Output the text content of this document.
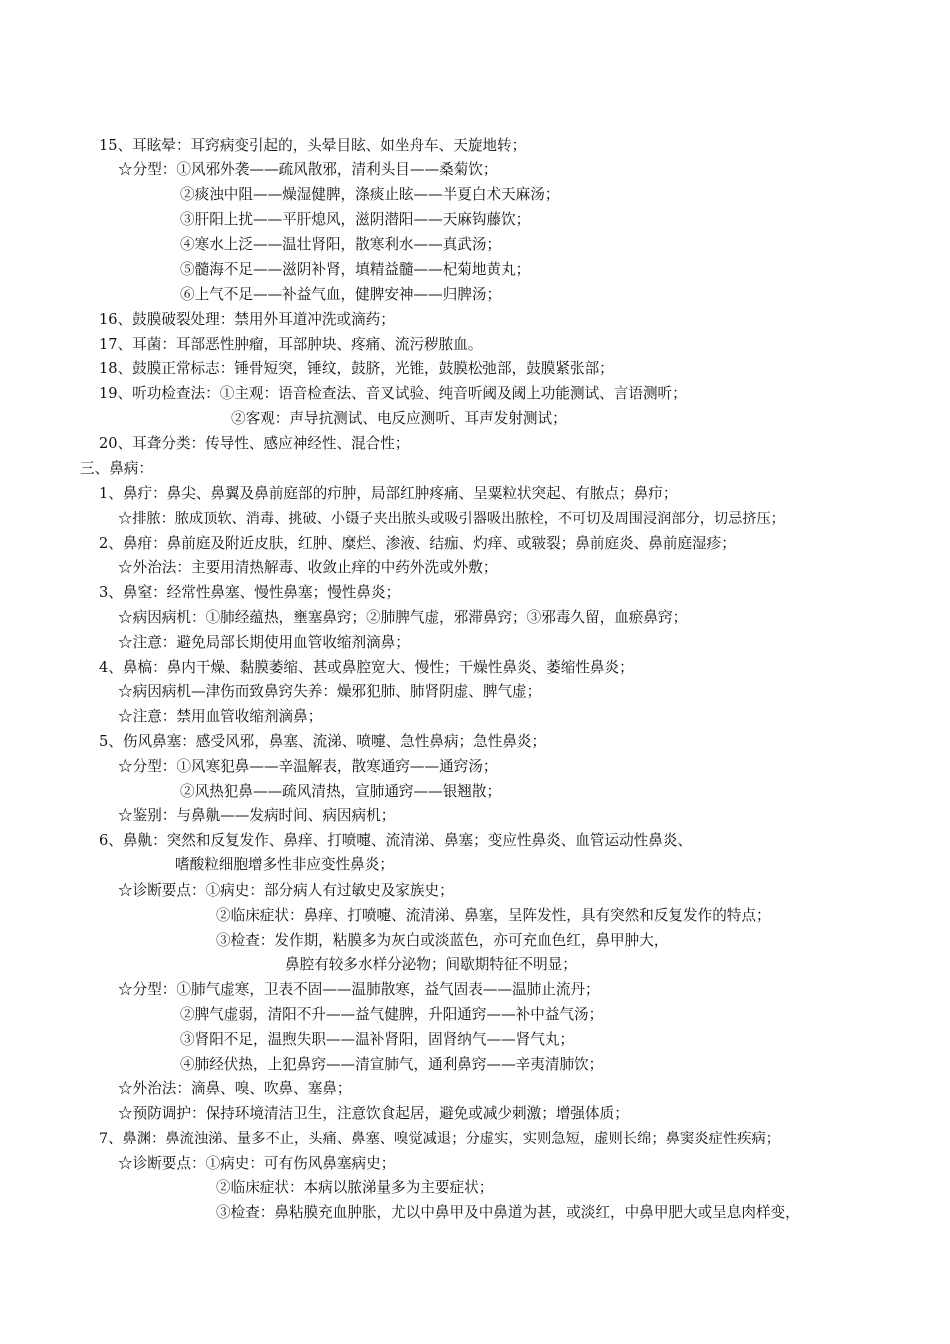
15、耳眩晕：耳窍病变引起的，头晕目眩、如坐舟车、天旋地转；
☆分型：①风邪外袭——疏风散邪，清利头目——桑菊饮；
②痰浊中阻——燥湿健脾，涤痰止眩——半夏白术天麻汤；
③肝阳上扰——平肝熄风，滋阴潜阳——天麻钩藤饮；
④寒水上泛——温壮肾阳，散寒利水——真武汤；
⑤髓海不足——滋阴补肾，填精益髓——杞菊地黄丸；
⑥上气不足——补益气血，健脾安神——归脾汤；
16、鼓膜破裂处理：禁用外耳道冲洗或滴药；
17、耳菌：耳部恶性肿瘤，耳部肿块、疼痛、流污秽脓血。
18、鼓膜正常标志：锤骨短突，锤纹，鼓脐，光锥，鼓膜松弛部，鼓膜紧张部；
19、听功检查法：①主观：语音检查法、音叉试验、纯音听阈及阈上功能测试、言语测听；
②客观：声导抗测试、电反应测听、耳声发射测试；
20、耳聋分类：传导性、感应神经性、混合性；
三、鼻病：
1、鼻疔：鼻尖、鼻翼及鼻前庭部的疖肿，局部红肿疼痛、呈粟粒状突起、有脓点；鼻疖；
☆排脓：脓成顶软、消毒、挑破、小镊子夹出脓头或吸引器吸出脓栓，不可切及周围浸润部分，切忌挤压；
2、鼻疳：鼻前庭及附近皮肤，红肿、糜烂、渗液、结痂、灼痒、或皲裂；鼻前庭炎、鼻前庭湿疹；
☆外治法：主要用清热解毒、收敛止痒的中药外洗或外敷；
3、鼻窒：经常性鼻塞、慢性鼻塞；慢性鼻炎；
☆病因病机：①肺经蕴热，壅塞鼻窍；②肺脾气虚，邪滞鼻窍；③邪毒久留，血瘀鼻窍；
☆注意：避免局部长期使用血管收缩剂滴鼻；
4、鼻槁：鼻内干燥、黏膜萎缩、甚或鼻腔宽大、慢性；干燥性鼻炎、萎缩性鼻炎；
☆病因病机—津伤而致鼻窍失养：燥邪犯肺、肺肾阴虚、脾气虚；
☆注意：禁用血管收缩剂滴鼻；
5、伤风鼻塞：感受风邪，鼻塞、流涕、喷嚏、急性鼻病；急性鼻炎；
☆分型：①风寒犯鼻——辛温解表，散寒通窍——通窍汤；
②风热犯鼻——疏风清热，宣肺通窍——银翘散；
☆鉴别：与鼻鼽——发病时间、病因病机；
6、鼻鼽：突然和反复发作、鼻痒、打喷嚏、流清涕、鼻塞；变应性鼻炎、血管运动性鼻炎、
嗜酸粒细胞增多性非应变性鼻炎；
☆诊断要点：①病史：部分病人有过敏史及家族史；
②临床症状：鼻痒、打喷嚏、流清涕、鼻塞，呈阵发性，具有突然和反复发作的特点；
③检查：发作期，粘膜多为灰白或淡蓝色，亦可充血色红，鼻甲肿大，
鼻腔有较多水样分泌物；间歇期特征不明显；
☆分型：①肺气虚寒，卫表不固——温肺散寒，益气固表——温肺止流丹；
②脾气虚弱，清阳不升——益气健脾，升阳通窍——补中益气汤；
③肾阳不足，温煦失职——温补肾阳，固肾纳气——肾气丸；
④肺经伏热，上犯鼻窍——清宣肺气，通利鼻窍——辛夷清肺饮；
☆外治法：滴鼻、嗅、吹鼻、塞鼻；
☆预防调护：保持环境清洁卫生，注意饮食起居，避免或减少刺激；增强体质；
7、鼻渊：鼻流浊涕、量多不止，头痛、鼻塞、嗅觉减退；分虚实，实则急短，虚则长绵；鼻窦炎症性疾病；
☆诊断要点：①病史：可有伤风鼻塞病史；
②临床症状：本病以脓涕量多为主要症状；
③检查：鼻粘膜充血肿胀，尤以中鼻甲及中鼻道为甚，或淡红，中鼻甲肥大或呈息肉样变，
